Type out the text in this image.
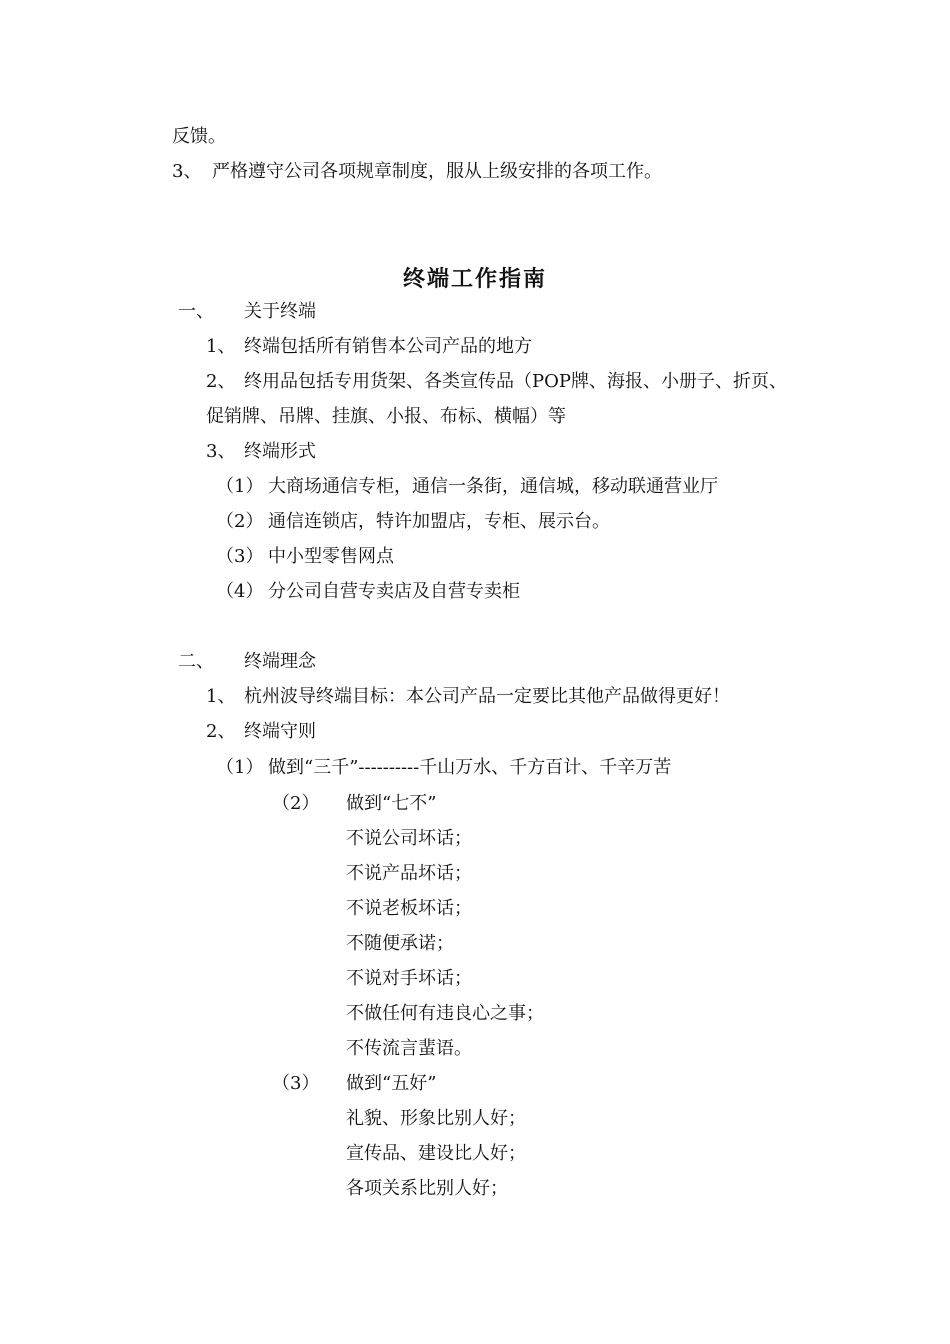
反馈。
3、 严格遵守公司各项规章制度，服从上级安排的各项工作。
终端工作指南
一、 关于终端
1、 终端包括所有销售本公司产品的地方
2、 终用品包括专用货架、各类宣传品（POP牌、海报、小册子、折页、
促销牌、吊牌、挂旗、小报、布标、横幅）等
3、 终端形式
（1） 大商场通信专柜，通信一条街，通信城，移动联通营业厅
（2） 通信连锁店，特许加盟店，专柜、展示台。
（3） 中小型零售网点
（4） 分公司自营专卖店及自营专卖柜
二、 终端理念
1、 杭州波导终端目标：本公司产品一定要比其他产品做得更好！
2、 终端守则
（1） 做到“三千”----------千山万水、千方百计、千辛万苦
（2） 做到“七不”
不说公司坏话；
不说产品坏话；
不说老板坏话；
不随便承诺；
不说对手坏话；
不做任何有违良心之事；
不传流言蜚语。
（3） 做到“五好”
礼貌、形象比别人好；
宣传品、建设比人好；
各项关系比别人好；
